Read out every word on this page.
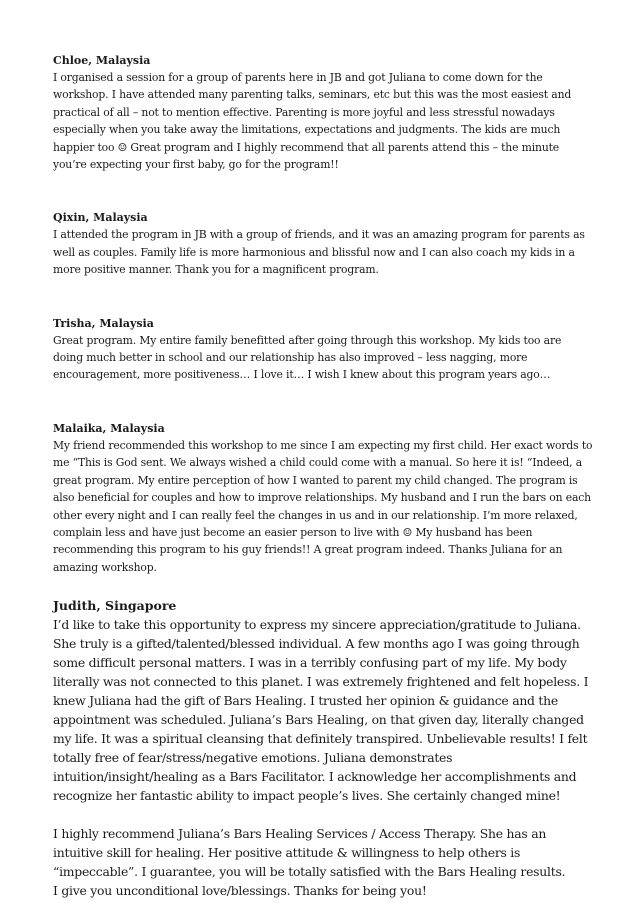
Chloe, Malaysia

I organised a session for a group of parents here in JB and got Juliana to come down for the workshop. I have attended many parenting talks, seminars, etc but this was the most easiest and practical of all – not to mention effective. Parenting is more joyful and less stressful nowadays especially when you take away the limitations, expectations and judgments. The kids are much happier too ☺ Great program and I highly recommend that all parents attend this – the minute you’re expecting your first baby, go for the program!!

Qixin, Malaysia

I attended the program in JB with a group of friends, and it was an amazing program for parents as well as couples. Family life is more harmonious and blissful now and I can also coach my kids in a more positive manner. Thank you for a magnificent program.

Trisha, Malaysia

Great program. My entire family benefitted after going through this workshop. My kids too are doing much better in school and our relationship has also improved – less nagging, more encouragement, more positiveness… I love it… I wish I knew about this program years ago…

Malaika, Malaysia

My friend recommended this workshop to me since I am expecting my first child. Her exact words to me “This is God sent. We always wished a child could come with a manual. So here it is! “Indeed, a great program. My entire perception of how I wanted to parent my child changed. The program is also beneficial for couples and how to improve relationships. My husband and I run the bars on each other every night and I can really feel the changes in us and in our relationship. I’m more relaxed, complain less and have just become an easier person to live with ☺ My husband has been recommending this program to his guy friends!! A great program indeed. Thanks Juliana for an amazing workshop.

Judith, Singapore

I’d like to take this opportunity to express my sincere appreciation/gratitude to Juliana. She truly is a gifted/talented/blessed individual. A few months ago I was going through some difficult personal matters. I was in a terribly confusing part of my life. My body literally was not connected to this planet. I was extremely frightened and felt hopeless. I knew Juliana had the gift of Bars Healing. I trusted her opinion & guidance and the appointment was scheduled. Juliana’s Bars Healing, on that given day, literally changed my life. It was a spiritual cleansing that definitely transpired. Unbelievable results! I felt totally free of fear/stress/negative emotions. Juliana demonstrates intuition/insight/healing as a Bars Facilitator. I acknowledge her accomplishments and recognize her fantastic ability to impact people’s lives. She certainly changed mine!

I highly recommend Juliana’s Bars Healing Services / Access Therapy. She has an intuitive skill for healing. Her positive attitude & willingness to help others is “impeccable”. I guarantee, you will be totally satisfied with the Bars Healing results.

I give you unconditional love/blessings. Thanks for being you!
